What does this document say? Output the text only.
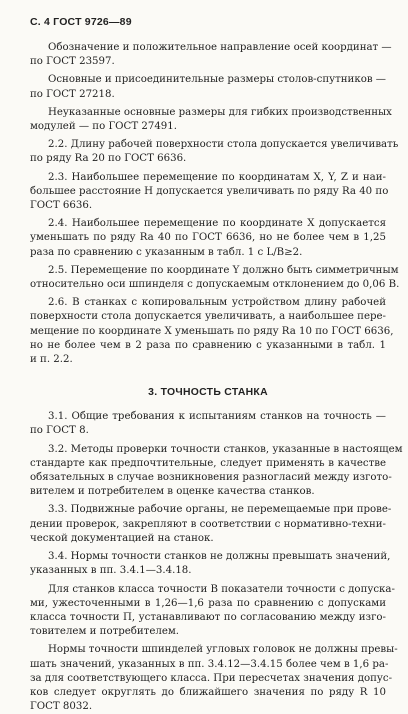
С. 4 ГОСТ 9726—89
Обозначение и положительное направление осей координат —
по ГОСТ 23597.
Основные и присоединительные размеры столов-спутников —
по ГОСТ 27218.
Неуказанные основные размеры для гибких производственных
модулей — по ГОСТ 27491.
2.2. Длину рабочей поверхности стола допускается увеличивать
по ряду Ra 20 по ГОСТ 6636.
2.3. Наибольшее перемещение по координатам X, Y, Z и наи-
большее расстояние H допускается увеличивать по ряду Ra 40 по
ГОСТ 6636.
2.4. Наибольшее перемещение по координате X допускается
уменьшать по ряду Ra 40 по ГОСТ 6636, но не более чем в 1,25
раза по сравнению с указанным в табл. 1 с L/B≥2.
2.5. Перемещение по координате Y должно быть симметричным
относительно оси шпинделя с допускаемым отклонением до 0,06 B.
2.6. В станках с копировальным устройством длину рабочей
поверхности стола допускается увеличивать, а наибольшее пере-
мещение по координате X уменьшать по ряду Ra 10 по ГОСТ 6636,
но не более чем в 2 раза по сравнению с указанными в табл. 1
и п. 2.2.
3. ТОЧНОСТЬ СТАНКА
3.1. Общие требования к испытаниям станков на точность —
по ГОСТ 8.
3.2. Методы проверки точности станков, указанные в настоящем
стандарте как предпочтительные, следует применять в качестве
обязательных в случае возникновения разногласий между изгото-
вителем и потребителем в оценке качества станков.
3.3. Подвижные рабочие органы, не перемещаемые при прове-
дении проверок, закрепляют в соответствии с нормативно-техни-
ческой документацией на станок.
3.4. Нормы точности станков не должны превышать значений,
указанных в пп. 3.4.1—3.4.18.
Для станков класса точности В показатели точности с допуска-
ми, ужесточенными в 1,26—1,6 раза по сравнению с допусками
класса точности П, устанавливают по согласованию между изго-
товителем и потребителем.
Нормы точности шпинделей угловых головок не должны превы-
шать значений, указанных в пп. 3.4.12—3.4.15 более чем в 1,6 ра-
за для соответствующего класса. При пересчетах значения допус-
ков следует округлять до ближайшего значения по ряду R 10
ГОСТ 8032.
